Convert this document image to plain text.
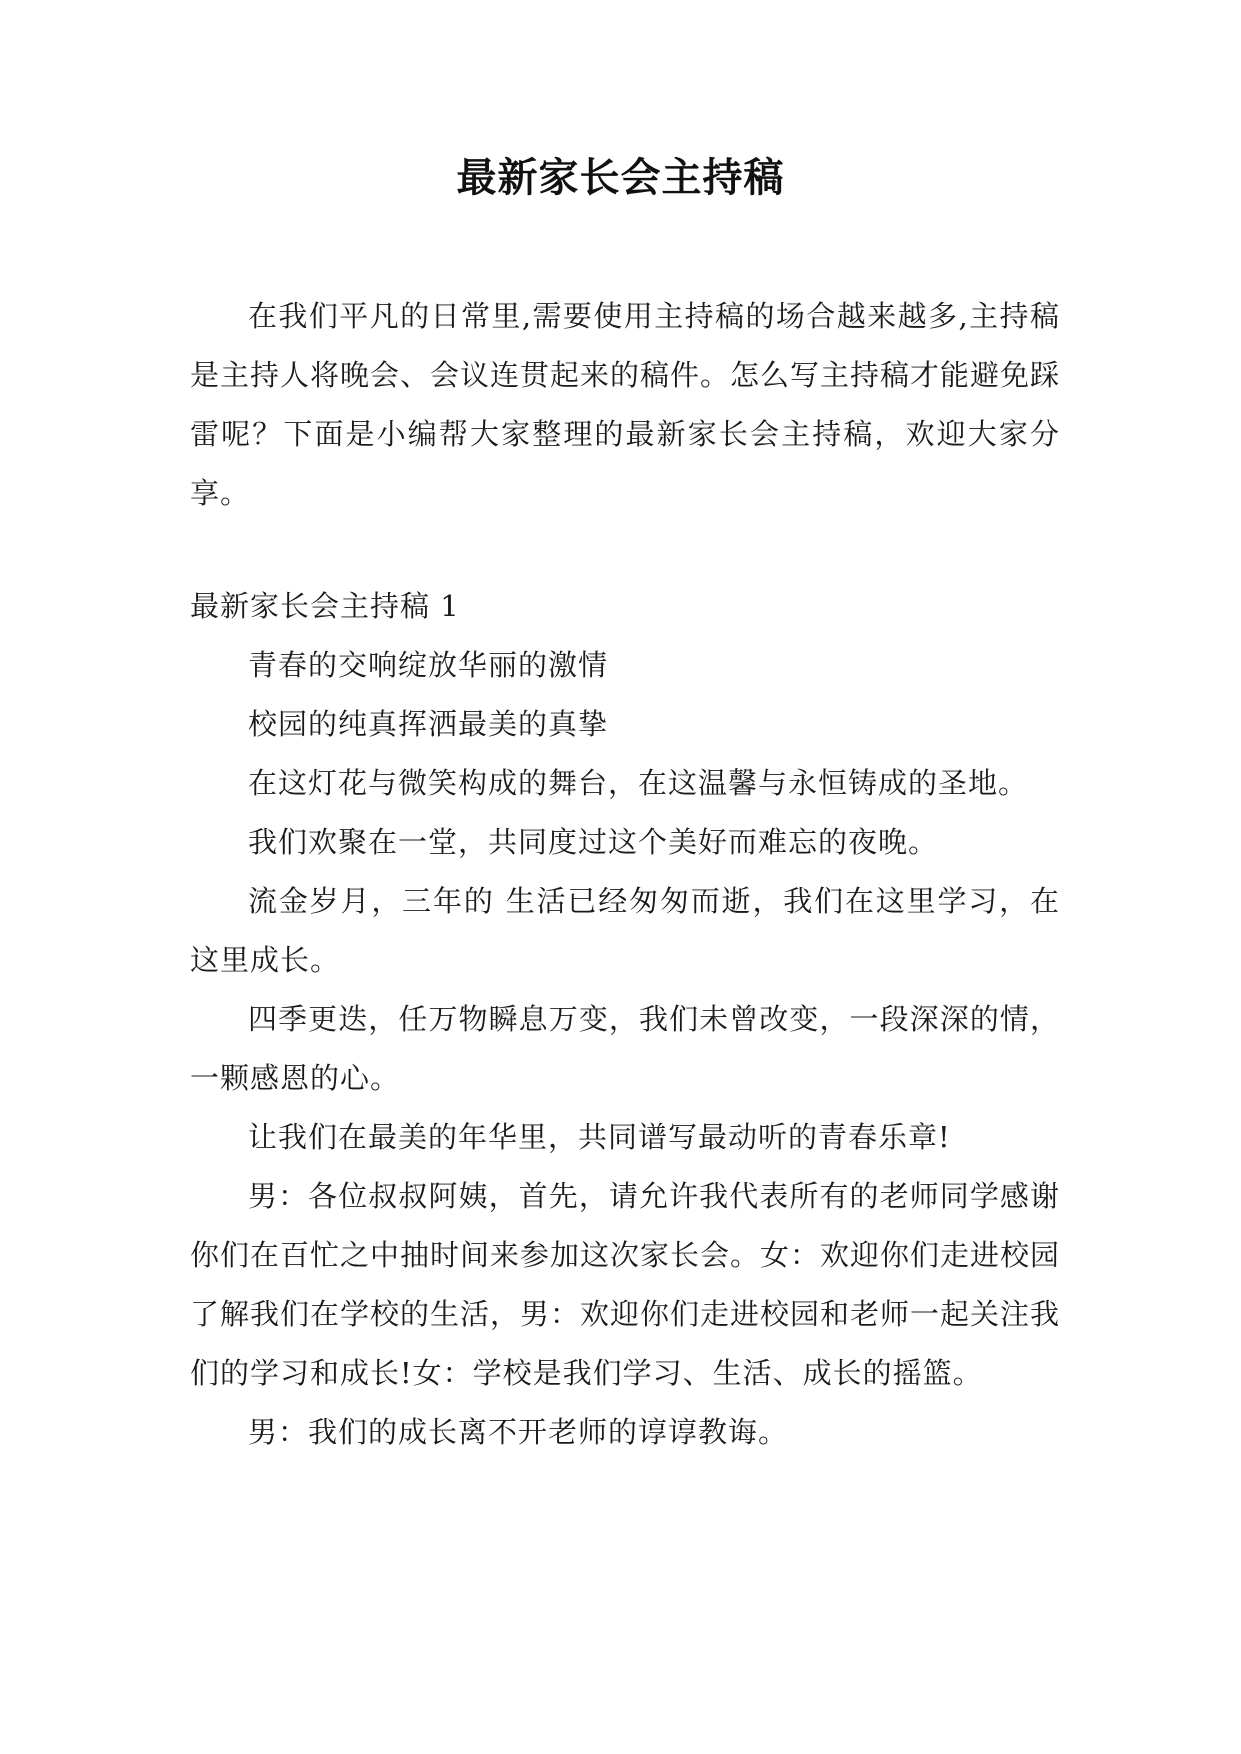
最新家长会主持稿

在我们平凡的日常里,需要使用主持稿的场合越来越多,主持稿是主持人将晚会、会议连贯起来的稿件。怎么写主持稿才能避免踩雷呢？下面是小编帮大家整理的最新家长会主持稿，欢迎大家分享。

最新家长会主持稿 1

青春的交响绽放华丽的激情

校园的纯真挥洒最美的真挚

在这灯花与微笑构成的舞台，在这温馨与永恒铸成的圣地。

我们欢聚在一堂，共同度过这个美好而难忘的夜晚。

流金岁月，三年的 生活已经匆匆而逝，我们在这里学习，在这里成长。

四季更迭，任万物瞬息万变，我们未曾改变，一段深深的情，一颗感恩的心。

让我们在最美的年华里，共同谱写最动听的青春乐章!

男：各位叔叔阿姨，首先，请允许我代表所有的老师同学感谢你们在百忙之中抽时间来参加这次家长会。女：欢迎你们走进校园了解我们在学校的生活，男：欢迎你们走进校园和老师一起关注我们的学习和成长!女：学校是我们学习、生活、成长的摇篮。

男：我们的成长离不开老师的谆谆教诲。
